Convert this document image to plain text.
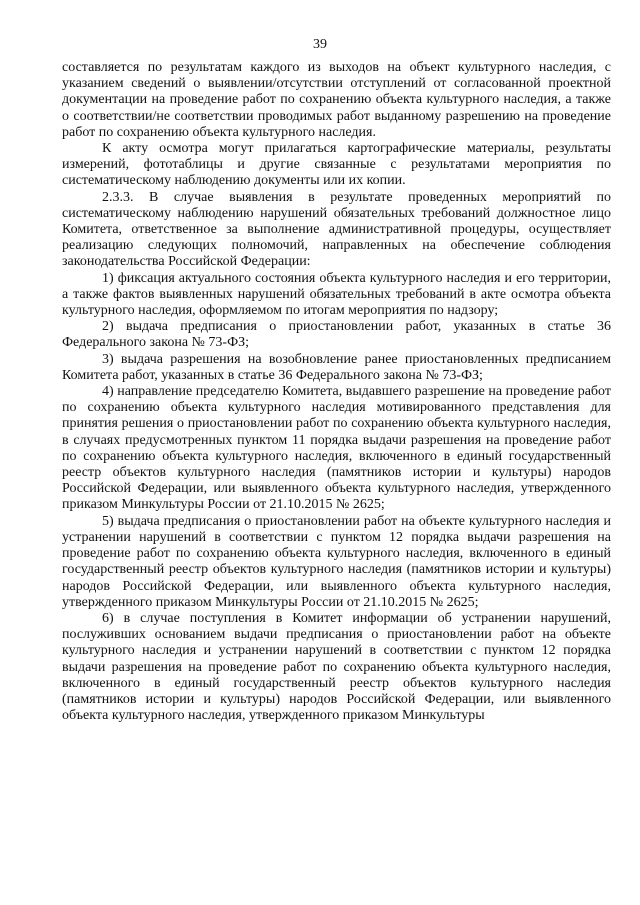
39

составляется по результатам каждого из выходов на объект культурного наследия, с указанием сведений о выявлении/отсутствии отступлений от согласованной проектной документации на проведение работ по сохранению объекта культурного наследия, а также о соответствии/не соответствии проводимых работ выданному разрешению на проведение работ по сохранению объекта культурного наследия.

К акту осмотра могут прилагаться картографические материалы, результаты измерений, фототаблицы и другие связанные с результатами мероприятия по систематическому наблюдению документы или их копии.

2.3.3. В случае выявления в результате проведенных мероприятий по систематическому наблюдению нарушений обязательных требований должностное лицо Комитета, ответственное за выполнение административной процедуры, осуществляет реализацию следующих полномочий, направленных на обеспечение соблюдения законодательства Российской Федерации:

1) фиксация актуального состояния объекта культурного наследия и его территории, а также фактов выявленных нарушений обязательных требований в акте осмотра объекта культурного наследия, оформляемом по итогам мероприятия по надзору;

2) выдача предписания о приостановлении работ, указанных в статье 36 Федерального закона № 73-ФЗ;

3) выдача разрешения на возобновление ранее приостановленных предписанием Комитета работ, указанных в статье 36 Федерального закона № 73-ФЗ;

4) направление председателю Комитета, выдавшего разрешение на проведение работ по сохранению объекта культурного наследия мотивированного представления для принятия решения о приостановлении работ по сохранению объекта культурного наследия, в случаях предусмотренных пунктом 11 порядка выдачи разрешения на проведение работ по сохранению объекта культурного наследия, включенного в единый государственный реестр объектов культурного наследия (памятников истории и культуры) народов Российской Федерации, или выявленного объекта культурного наследия, утвержденного приказом Минкультуры России от 21.10.2015 № 2625;

5) выдача предписания о приостановлении работ на объекте культурного наследия и устранении нарушений в соответствии с пунктом 12 порядка выдачи разрешения на проведение работ по сохранению объекта культурного наследия, включенного в единый государственный реестр объектов культурного наследия (памятников истории и культуры) народов Российской Федерации, или выявленного объекта культурного наследия, утвержденного приказом Минкультуры России от 21.10.2015 № 2625;

6) в случае поступления в Комитет информации об устранении нарушений, послуживших основанием выдачи предписания о приостановлении работ на объекте культурного наследия и устранении нарушений в соответствии с пунктом 12 порядка выдачи разрешения на проведение работ по сохранению объекта культурного наследия, включенного в единый государственный реестр объектов культурного наследия (памятников истории и культуры) народов Российской Федерации, или выявленного объекта культурного наследия, утвержденного приказом Минкультуры
